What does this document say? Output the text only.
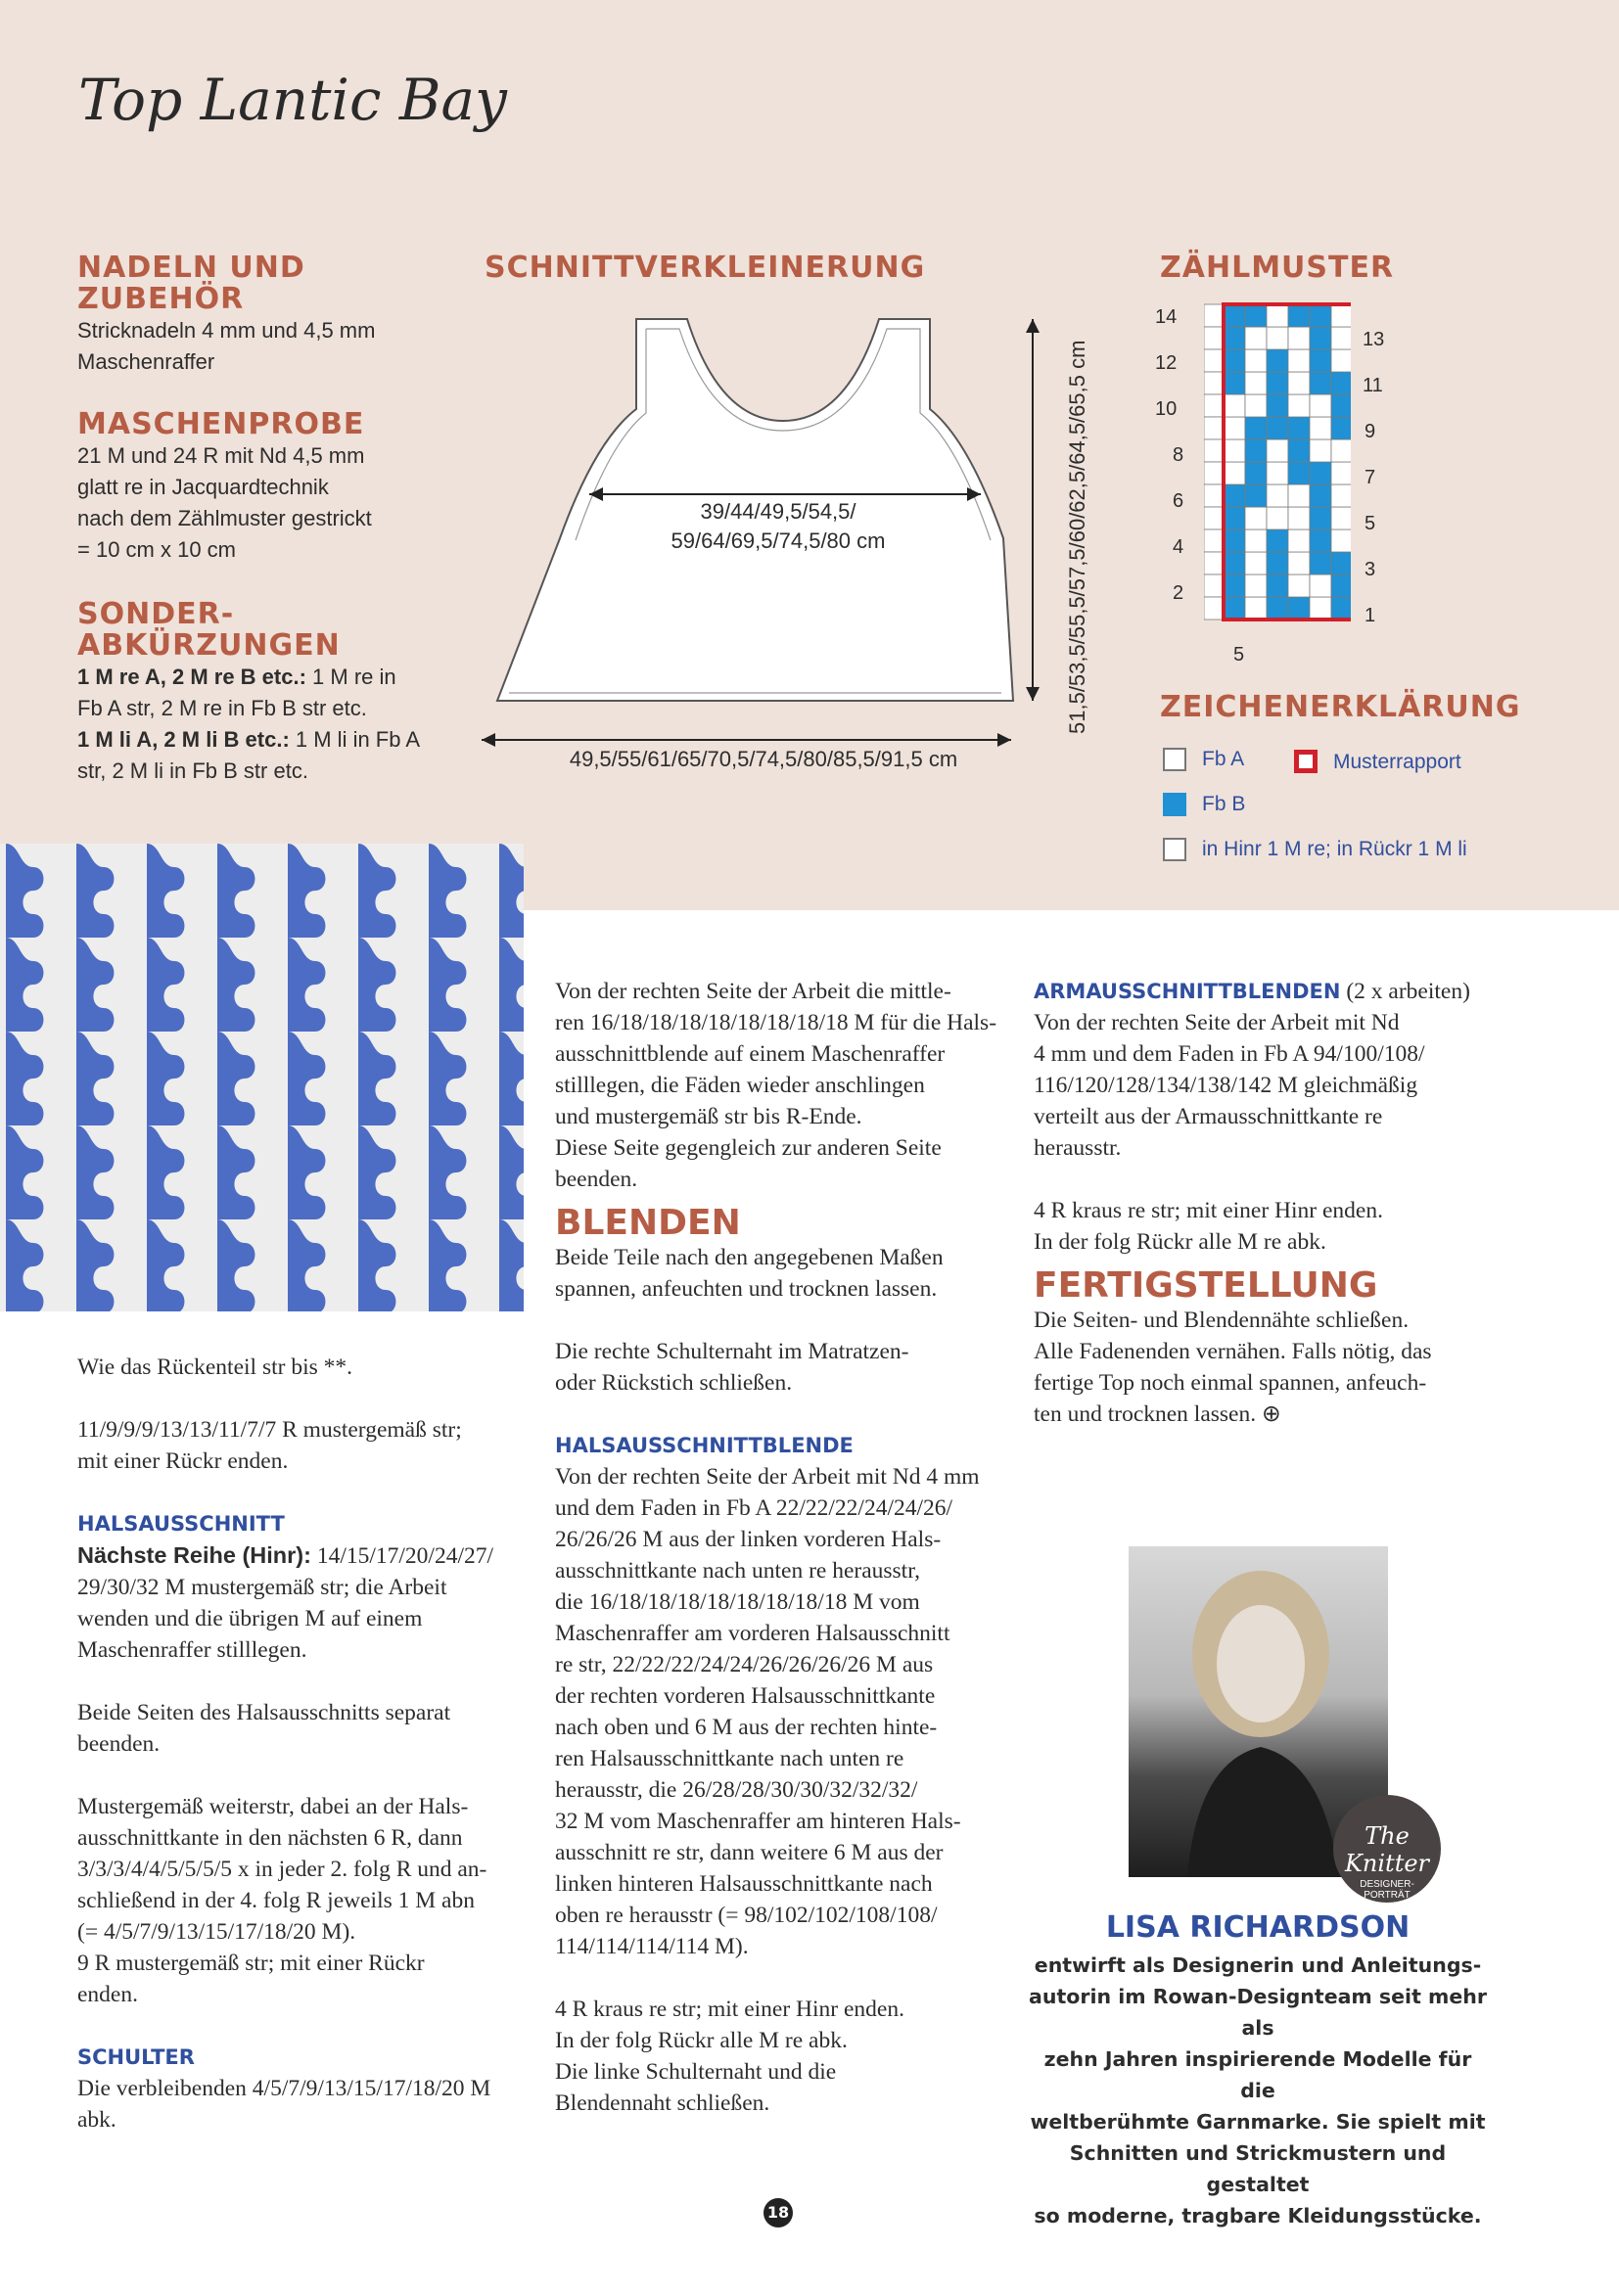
Top Lantic Bay
NADELN UND ZUBEHÖR
Stricknadeln 4 mm und 4,5 mm
Maschenraffer
MASCHENPROBE
21 M und 24 R mit Nd 4,5 mm
glatt re in Jacquardtechnik
nach dem Zählmuster gestrickt
= 10 cm x 10 cm
SONDER-
ABKÜRZUNGEN
1 M re A, 2 M re B etc.: 1 M re in
Fb A str, 2 M re in Fb B str etc.
1 M li A, 2 M li B etc.: 1 M li in Fb A
str, 2 M li in Fb B str etc.
SCHNITTVERKLEINERUNG
39/44/49,5/54,5/
59/64/69,5/74,5/80 cm
49,5/55/61/65/70,5/74,5/80/85,5/91,5 cm
51,5/53,5/55,5/57,5/60/62,5/64,5/65,5 cm
ZÄHLMUSTER
14
12
10
8
6
4
2
13
11
9
7
5
3
1
5
ZEICHENERKLÄRUNG
Fb A	Musterrapport
Fb B
in Hinr 1 M re; in Rückr 1 M li
Wie das Rückenteil str bis **.
11/9/9/9/13/13/11/7/7 R mustergemäß str;
mit einer Rückr enden.
HALSAUSSCHNITT
Nächste Reihe (Hinr): 14/15/17/20/24/27/
29/30/32 M mustergemäß str; die Arbeit
wenden und die übrigen M auf einem
Maschenraffer stilllegen.
Beide Seiten des Halsausschnitts separat
beenden.
Mustergemäß weiterstr, dabei an der Hals-
ausschnittkante in den nächsten 6 R, dann
3/3/3/4/4/5/5/5/5 x in jeder 2. folg R und an-
schließend in der 4. folg R jeweils 1 M abn
(= 4/5/7/9/13/15/17/18/20 M).
9 R mustergemäß str; mit einer Rückr
enden.
SCHULTER
Die verbleibenden 4/5/7/9/13/15/17/18/20 M
abk.
Von der rechten Seite der Arbeit die mittle-
ren 16/18/18/18/18/18/18/18/18 M für die Hals-
ausschnittblende auf einem Maschenraffer
stilllegen, die Fäden wieder anschlingen
und mustergemäß str bis R-Ende.
Diese Seite gegengleich zur anderen Seite
beenden.
BLENDEN
Beide Teile nach den angegebenen Maßen
spannen, anfeuchten und trocknen lassen.
Die rechte Schulternaht im Matratzen-
oder Rückstich schließen.
HALSAUSSCHNITTBLENDE
Von der rechten Seite der Arbeit mit Nd 4 mm
und dem Faden in Fb A 22/22/22/24/24/26/
26/26/26 M aus der linken vorderen Hals-
ausschnittkante nach unten re herausstr,
die 16/18/18/18/18/18/18/18/18 M vom
Maschenraffer am vorderen Halsausschnitt
re str, 22/22/22/24/24/26/26/26/26 M aus
der rechten vorderen Halsausschnittkante
nach oben und 6 M aus der rechten hinte-
ren Halsausschnittkante nach unten re
herausstr, die 26/28/28/30/30/32/32/32/
32 M vom Maschenraffer am hinteren Hals-
ausschnitt re str, dann weitere 6 M aus der
linken hinteren Halsausschnittkante nach
oben re herausstr (= 98/102/102/108/108/
114/114/114/114 M).
4 R kraus re str; mit einer Hinr enden.
In der folg Rückr alle M re abk.
Die linke Schulternaht und die
Blendennaht schließen.
ARMAUSSCHNITTBLENDEN (2 x arbeiten)
Von der rechten Seite der Arbeit mit Nd
4 mm und dem Faden in Fb A 94/100/108/
116/120/128/134/138/142 M gleichmäßig
verteilt aus der Armausschnittkante re
herausstr.
4 R kraus re str; mit einer Hinr enden.
In der folg Rückr alle M re abk.
FERTIGSTELLUNG
Die Seiten- und Blendennähte schließen.
Alle Fadenenden vernähen. Falls nötig, das
fertige Top noch einmal spannen, anfeuch-
ten und trocknen lassen. ⊕
The Knitter
DESIGNER-
PORTRÄT
LISA RICHARDSON
entwirft als Designerin und Anleitungs-
autorin im Rowan-Designteam seit mehr als
zehn Jahren inspirierende Modelle für die
weltberühmte Garnmarke. Sie spielt mit
Schnitten und Strickmustern und gestaltet
so moderne, tragbare Kleidungsstücke.
18
